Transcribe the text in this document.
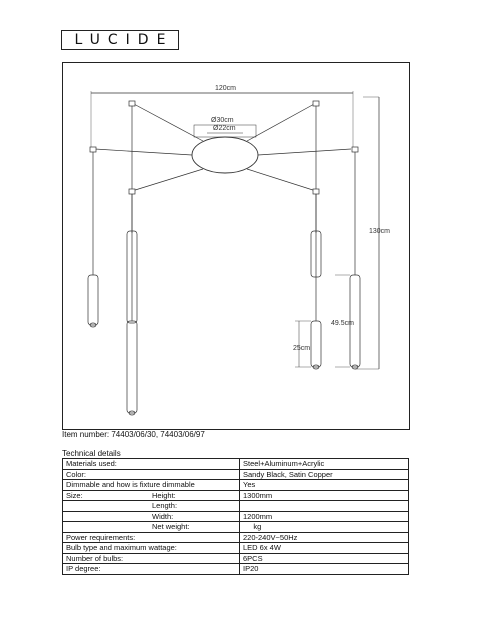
LUCIDE
120cm
Ø30cm
Ø22cm
130cm
49.5cm
25cm
Item number: 74403/06/30, 74403/06/97
Technical details
Materials used:	Steel+Aluminum+Acrylic
Color:	Sandy Black, Satin Copper
Dimmable and how is fixture dimmable	Yes
Size: Height:	1300mm

Length:	

Width:	1200mm

Net weight:	kg
Power requirements:	220-240V~50Hz
Bulb type and maximum wattage:	LED 6x 4W
Number of bulbs:	6PCS
IP degree:	IP20
